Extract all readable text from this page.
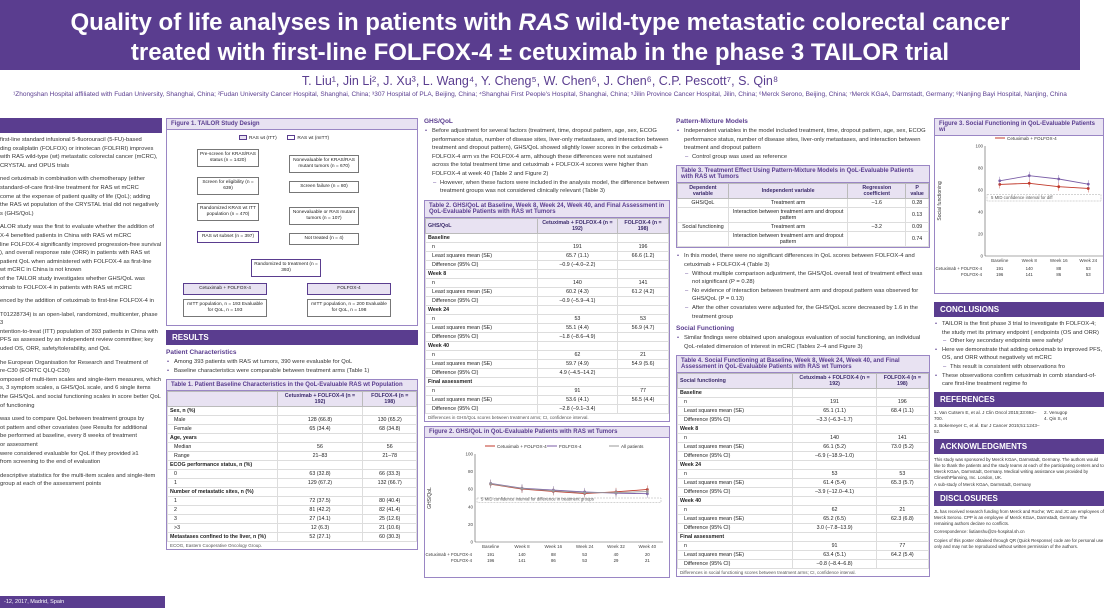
Quality of life analyses in patients with RAS wild-type metastatic colorectal cancer
treated with first-line FOLFOX-4 ± cetuximab in the phase 3 TAILOR trial
T. Liu¹, Jin Li², J. Xu³, L. Wang⁴, Y. Cheng⁵, W. Chen⁶, J. Chen⁶, C.P. Pescott⁷, S. Qin⁸
¹Zhongshan Hospital affiliated with Fudan University, Shanghai, China; ²Fudan University Cancer Hospital, Shanghai, China; ³307 Hospital of PLA, Beijing, China; ⁴Shanghai First People's Hospital, Shanghai, China; ⁵Jilin Province Cancer Hospital, Jilin, China; ⁶Merck Serono, Beijing, China; ⁷Merck KGaA, Darmstadt, Germany; ⁸Nanjing Bayi Hospital, Nanjing, China

first-line standard infusional 5-fluorouracil (5-FU)-based
ding oxaliplatin (FOLFOX) or irinotecan (FOLFIRI) improves
with RAS wild-type (wt) metastatic colorectal cancer (mCRC),
CRYSTAL and OPUS trials
ned cetuximab in combination with chemotherapy (either
standard-of-care first-line treatment for RAS wt mCRC
come at the expense of patient quality of life (QoL); adding
the RAS wt population of the CRYSTAL trial did not negatively
s (GHS/QoL)
ALOR study was the first to evaluate whether the addition of
X-4 benefited patients in China with RAS wt mCRC
line FOLFOX-4 significantly improved progression-free survival
), and overall response rate (ORR) in patients with RAS wt
patient QoL when administered with FOLFOX-4 as first-line
wt mCRC in China is not known
of the TAILOR study investigates whether GHS/QoL was
ximab to FOLFOX-4 in patients with RAS wt mCRC
enced by the addition of cetuximab to first-line FOLFOX-4 in
T01228734) is an open-label, randomized, multicenter, phase 3
ntention-to-treat (ITT) population of 393 patients in China with
PFS as assessed by an independent review committee; key
uded OS, ORR, safety/tolerability, and QoL
he European Organisation for Research and Treatment of
re-C30 (EORTC QLQ-C30)
omposed of multi-item scales and single-item measures, which
s, 3 symptom scales, a GHS/QoL scale, and 6 single items
the GHS/QoL and social functioning scales in score better QoL
of functioning
was used to compare QoL between treatment groups by
ot pattern and other covariates (see Results for additional
be performed at baseline, every 8 weeks of treatment
or assessment
were considered evaluable for QoL if they provided ≥1
from screening to the end of evaluation
descriptive statistics for the multi-item scales and single-item
group at each of the assessment points
Figure 1. TAILOR Study Design
RAS wt (ITT)	RAS wt (mITT)
Pre-screen for KRAS/RAS status (n = 1420)
Screen for eligibility (n = 639)
Randomized KRAS wt ITT population (n = 470)
RAS wt subset (n = 397)
Nonevaluable for KRAS/RAS mutant tumors (n = 670)
Screen failure (n = 80)
Nonevaluable or RAS mutant tumors (n = 107)
Not treated (n = 4)
Randomized to treatment (n = 393)
Cetuximab + FOLFOX-4	FOLFOX-4
mITT population, n = 193 Evaluable for QoL, n = 193
mITT population, n = 200 Evaluable for QoL, n = 198
RESULTS
Patient Characteristics
• Among 393 patients with RAS wt tumors, 390 were evaluable for QoL
• Baseline characteristics were comparable between treatment arms (Table 1)
Table 1. Patient Baseline Characteristics in the QoL-Evaluable RAS wt Population
	Cetuximab + FOLFOX-4 (n = 192)	FOLFOX-4 (n = 198)
Sex, n (%)		
Male	128 (66.8)	130 (65.2)
Female	65 (34.4)	68 (34.8)
Age, years		
Median	56	56
Range	21–83	21–78
ECOG performance status, n (%)		
0	63 (32.8)	66 (33.3)
1	129 (67.2)	132 (66.7)
Number of metastatic sites, n (%)		
1	72 (37.5)	80 (40.4)
2	81 (42.2)	82 (41.4)
3	27 (14.1)	25 (12.6)
>3	12 (6.3)	21 (10.6)
Metastases confined to the liver, n (%)	52 (27.1)	60 (30.3)
ECOG, Eastern Cooperative Oncology Group.
GHS/QoL
• Before adjustment for several factors (treatment, time, dropout pattern, age, sex, ECOG performance status, number of disease sites, liver-only metastases, and interaction between treatment and dropout pattern), GHS/QoL showed slightly lower scores in the cetuximab + FOLFOX-4 arm vs the FOLFOX-4 arm, although these differences were not sustained across the total treatment time and cetuximab + FOLFOX-4 scores were higher than FOLFOX-4 at week 40 (Table 2 and Figure 2)
– However, when these factors were included in the analysis model, the difference between treatment groups was not considered clinically relevant (Table 3)
Table 2. GHS/QoL at Baseline, Week 8, Week 24, Week 40, and Final Assessment in QoL-Evaluable Patients with RAS wt Tumors
GHS/QoL	Cetuximab + FOLFOX-4 (n = 192)	FOLFOX-4 (n = 198)
Baseline		
n	191	196
Least squares mean (SE)	65.7 (1.1)	66.6 (1.2)
Difference (95% CI)	–0.9 (–4.0–2.2)	
Week 8		
n	140	141
Least squares mean (SE)	60.2 (4.3)	61.2 (4.2)
Difference (95% CI)	–0.9 (–5.9–4.1)	
Week 24		
n	53	53
Least squares mean (SE)	55.1 (4.4)	56.9 (4.7)
Difference (95% CI)	–1.8 (–8.6–4.9)	
Week 40		
n	62	21
Least squares mean (SE)	59.7 (4.9)	54.9 (5.6)
Difference (95% CI)	4.9 (–4.5–14.2)	
Final assessment		
n	91	77
Least squares mean (SE)	53.6 (4.1)	56.5 (4.4)
Difference (95% CI)	–2.8 (–9.1–3.4)	
Differences in GHS/QoL scores between treatment arms; CI, confidence interval.
Figure 2. GHS/QoL in QoL-Evaluable Patients with RAS wt Tumors
Cetuximab + FOLFOX-4	FOLFOX-4	All patients
0
20
40
60
80
100
GHS/QoL
Baseline	Week 8	Week 16	Week 24	Week 32	Week 40
5 MID confidence interval for difference in treatment groups
Cetuximab + FOLFOX-4	191	140	88	53	40	20
FOLFOX-4	196	141	86	53	29	21
Pattern-Mixture Models
• Independent variables in the model included treatment, time, dropout pattern, age, sex, ECOG performance status, number of disease sites, liver-only metastases, and interaction between treatment and dropout pattern
– Control group was used as reference
Table 3. Treatment Effect Using Pattern-Mixture Models in QoL-Evaluable Patients with RAS wt Tumors
Dependent variable	Independent variable	Regression coefficient	P value
GHS/QoL	Treatment arm	–1.6	0.28
	Interaction between treatment arm and dropout pattern		0.13
Social functioning	Treatment arm	–3.2	0.09
	Interaction between treatment arm and dropout pattern		0.74
• In this model, there were no significant differences in QoL scores between FOLFOX-4 and cetuximab + FOLFOX-4 (Table 3)
– Without multiple comparison adjustment, the GHS/QoL overall test of treatment effect was not significant (P = 0.28)
– No evidence of interaction between treatment arm and dropout pattern was observed for GHS/QoL (P = 0.13)
– After the other covariates were adjusted for, the GHS/QoL score decreased by 1.6 in the treatment group
Social Functioning
• Similar findings were obtained upon analogous evaluation of social functioning, an individual QoL-related dimension of interest in mCRC (Tables 2–4 and Figure 3)
Table 4. Social Functioning at Baseline, Week 8, Week 24, Week 40, and Final Assessment in QoL-Evaluable Patients with RAS wt Tumors
Social functioning	Cetuximab + FOLFOX-4 (n = 192)	FOLFOX-4 (n = 198)
Baseline		
n	191	196
Least squares mean (SE)	65.1 (1.1)	68.4 (1.1)
Difference (95% CI)	–3.3 (–6.3–1.7)	
Week 8		
n	140	141
Least squares mean (SE)	66.1 (5.2)	73.0 (5.2)
Difference (95% CI)	–6.9 (–18.9–1.0)	
Week 24		
n	53	53
Least squares mean (SE)	61.4 (5.4)	65.3 (5.7)
Difference (95% CI)	–3.9 (–12.0–4.1)	
Week 40		
n	62	21
Least squares mean (SE)	65.2 (6.5)	62.3 (6.8)
Difference (95% CI)	3.0 (–7.8–13.9)	
Final assessment		
n	91	77
Least squares mean (SE)	63.4 (5.1)	64.2 (5.4)
Difference (95% CI)	–0.8 (–8.4–6.8)	
Differences in social functioning scores between treatment arms; CI, confidence interval.
Figure 3. Social Functioning in QoL-Evaluable Patients wi
Cetuximab + FOLFOX-4
0
20
40
60
80
100
Social functioning
Baseline	Week 8	Week 16	Week 24
5 MID confidence interval for diff
Cetuximab + FOLFOX-4	191	140	88	53
FOLFOX-4	196	141	86	53
CONCLUSIONS
• TAILOR is the first phase 3 trial to investigate th FOLFOX-4; the study met its primary endpoint ( endpoints (OS and ORR)
– Other key secondary endpoints were safety/
• Here we demonstrate that adding cetuximab to improved PFS, OS, and ORR without negatively wt mCRC
– This result is consistent with observations fro
• These observations confirm cetuximab in comb standard-of-care first-line treatment regime fo
REFERENCES
1. Van Cutsem E, et al. J Clin Oncol 2015;33:692–700.
3. Bokemeyer C, et al. Eur J Cancer 2015;51:1243–52.
2. Venugop
4. Qin S, et
ACKNOWLEDGMENTS
This study was sponsored by Merck KGaA, Darmstadt, Germany. The authors would like to thank the patients and the study teams at each of the participating centers and to Merck KGaA, Darmstadt, Germany. Medical writing assistance was provided by ClinesthPlanning, Inc. London, UK.
A sub-study of Merck KGaA, Darmstadt, Germany
DISCLOSURES
JL has received research funding from Merck and Roche; WC and JC are employees of Merck Serono. CPP is an employee of Merck KGaA, Darmstadt, Germany. The remaining authors declare no conflicts.
Correspondence: liutianshu@zs-hospital.sh.cn
Copies of this poster obtained through QR (Quick Response) code are for personal use only and may not be reproduced without written permission of the authors.
-12, 2017, Madrid, Spain
